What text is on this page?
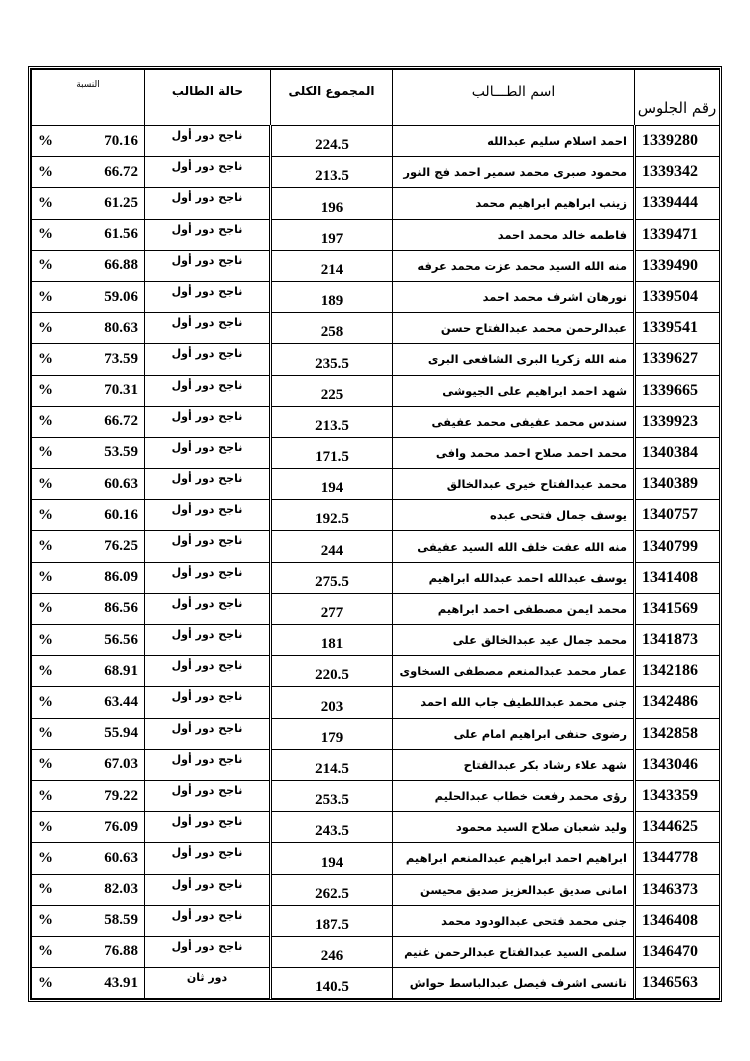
النسبة	حالة الطالب	المجموع الكلى	اسم الطـــالب	رقم الجلوس

% 70.16	ناجح دور أول	224.5	احمد اسلام سليم عبدالله	1339280

% 66.72	ناجح دور أول	213.5	محمود صبرى محمد سمير احمد فج النور	1339342

% 61.25	ناجح دور أول	196	زينب ابراهيم ابراهيم محمد	1339444

% 61.56	ناجح دور أول	197	فاطمه خالد محمد احمد	1339471

% 66.88	ناجح دور أول	214	منه الله السيد محمد عزت محمد عرفه	1339490

% 59.06	ناجح دور أول	189	نورهان اشرف محمد احمد	1339504

% 80.63	ناجح دور أول	258	عبدالرحمن محمد عبدالفتاح حسن	1339541

% 73.59	ناجح دور أول	235.5	منه الله زكريا البرى الشافعى البرى	1339627

% 70.31	ناجح دور أول	225	شهد احمد ابراهيم على الجيوشى	1339665

% 66.72	ناجح دور أول	213.5	سندس محمد عفيفى محمد عفيفى	1339923

% 53.59	ناجح دور أول	171.5	محمد احمد صلاح احمد محمد وافى	1340384

% 60.63	ناجح دور أول	194	محمد عبدالفتاح خيرى عبدالخالق	1340389

% 60.16	ناجح دور أول	192.5	يوسف جمال فتحى عبده	1340757

% 76.25	ناجح دور أول	244	منه الله عفت خلف الله السيد عفيفى	1340799

% 86.09	ناجح دور أول	275.5	يوسف عبدالله احمد عبدالله ابراهيم	1341408

% 86.56	ناجح دور أول	277	محمد ايمن مصطفى احمد ابراهيم	1341569

% 56.56	ناجح دور أول	181	محمد جمال عيد عبدالخالق على	1341873

% 68.91	ناجح دور أول	220.5	عمار محمد عبدالمنعم مصطفى السخاوى	1342186

% 63.44	ناجح دور أول	203	جنى محمد عبداللطيف جاب الله احمد	1342486

% 55.94	ناجح دور أول	179	رضوى حنفى ابراهيم امام على	1342858

% 67.03	ناجح دور أول	214.5	شهد علاء رشاد بكر عبدالفتاح	1343046

% 79.22	ناجح دور أول	253.5	رؤى محمد رفعت خطاب عبدالحليم	1343359

% 76.09	ناجح دور أول	243.5	وليد شعبان صلاح السيد محمود	1344625

% 60.63	ناجح دور أول	194	ابراهيم احمد ابراهيم عبدالمنعم ابراهيم	1344778

% 82.03	ناجح دور أول	262.5	امانى صديق عبدالعزيز صديق محيسن	1346373

% 58.59	ناجح دور أول	187.5	جنى محمد فتحى عبدالودود محمد	1346408

% 76.88	ناجح دور أول	246	سلمى السيد عبدالفتاح عبدالرحمن غنيم	1346470

% 43.91	دور ثان	140.5	نانسى اشرف فيصل عبدالباسط حواش	1346563
